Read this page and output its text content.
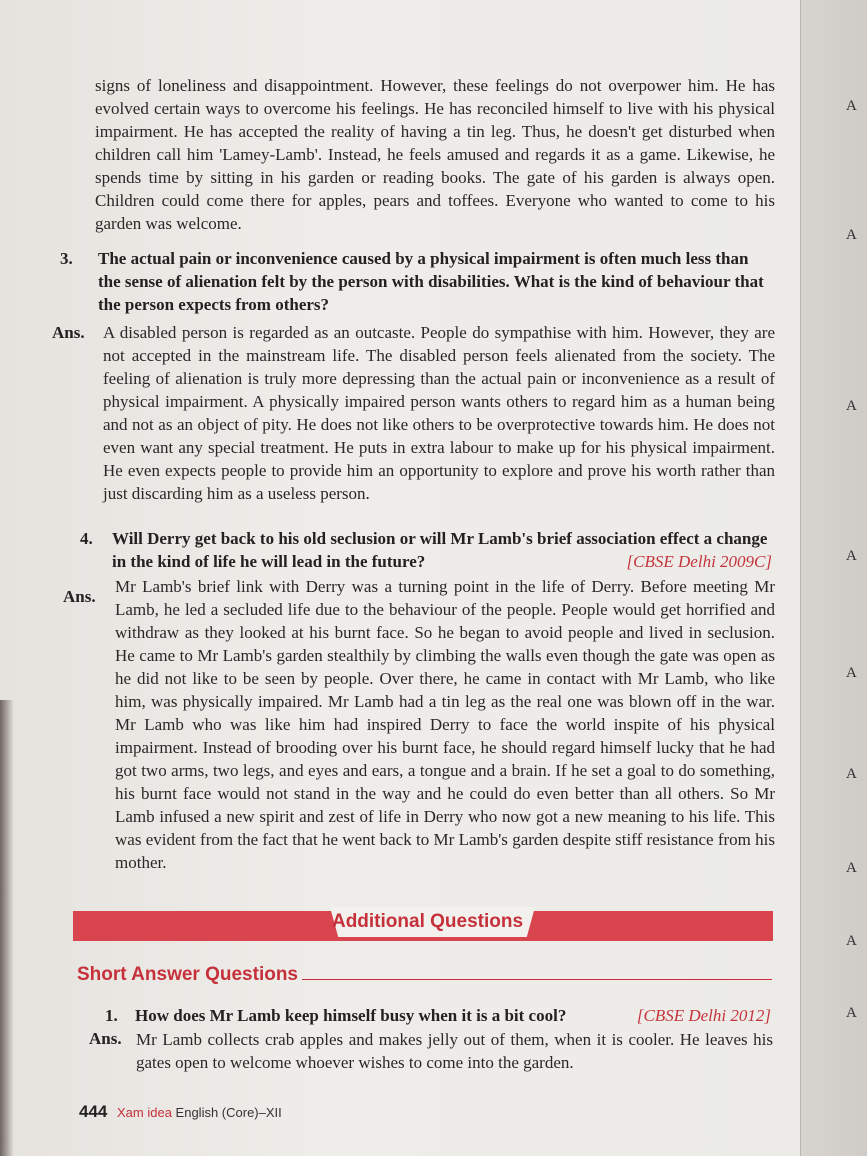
signs of loneliness and disappointment. However, these feelings do not overpower him. He has evolved certain ways to overcome his feelings. He has reconciled himself to live with his physical impairment. He has accepted the reality of having a tin leg. Thus, he doesn't get disturbed when children call him 'Lamey-Lamb'. Instead, he feels amused and regards it as a game. Likewise, he spends time by sitting in his garden or reading books. The gate of his garden is always open. Children could come there for apples, pears and toffees. Everyone who wanted to come to his garden was welcome.
3. The actual pain or inconvenience caused by a physical impairment is often much less than the sense of alienation felt by the person with disabilities. What is the kind of behaviour that the person expects from others?
Ans. A disabled person is regarded as an outcaste. People do sympathise with him. However, they are not accepted in the mainstream life. The disabled person feels alienated from the society. The feeling of alienation is truly more depressing than the actual pain or inconvenience as a result of physical impairment. A physically impaired person wants others to regard him as a human being and not as an object of pity. He does not like others to be overprotective towards him. He does not even want any special treatment. He puts in extra labour to make up for his physical impairment. He even expects people to provide him an opportunity to explore and prove his worth rather than just discarding him as a useless person.
4. Will Derry get back to his old seclusion or will Mr Lamb's brief association effect a change in the kind of life he will lead in the future?	[CBSE Delhi 2009C]
Ans.
Mr Lamb's brief link with Derry was a turning point in the life of Derry. Before meeting Mr Lamb, he led a secluded life due to the behaviour of the people. People would get horrified and withdraw as they looked at his burnt face. So he began to avoid people and lived in seclusion. He came to Mr Lamb's garden stealthily by climbing the walls even though the gate was open as he did not like to be seen by people. Over there, he came in contact with Mr Lamb, who like him, was physically impaired. Mr Lamb had a tin leg as the real one was blown off in the war. Mr Lamb who was like him had inspired Derry to face the world inspite of his physical impairment. Instead of brooding over his burnt face, he should regard himself lucky that he had got two arms, two legs, and eyes and ears, a tongue and a brain. If he set a goal to do something, his burnt face would not stand in the way and he could do even better than all others. So Mr Lamb infused a new spirit and zest of life in Derry who now got a new meaning to his life. This was evident from the fact that he went back to Mr Lamb's garden despite stiff resistance from his mother.
Additional Questions
Short Answer Questions
1. How does Mr Lamb keep himself busy when it is a bit cool?	[CBSE Delhi 2012]
Ans. Mr Lamb collects crab apples and makes jelly out of them, when it is cooler. He leaves his gates open to welcome whoever wishes to come into the garden.
444 Xam idea English (Core)–XII
A
A
A
A
A
A
A
A
A
